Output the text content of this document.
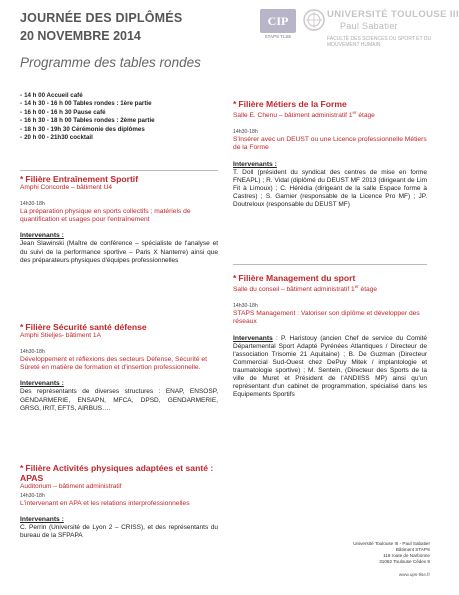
JOURNÉE DES DIPLÔMÉS
20 NOVEMBRE 2014
Programme des tables rondes
CIP
STAPS TLSE
UNIVERSITÉ TOULOUSE III
Paul Sabatier
FACULTÉ DES SCIENCES DU SPORT ET DU MOUVEMENT HUMAIN
- 14 h 00 Accueil café
- 14 h 30 - 16 h 00 Tables rondes : 1ère partie
- 16 h 00 - 16 h 30 Pause café
- 16 h 30 - 18 h 00 Tables rondes : 2ème partie
- 18 h 30 - 19h 30 Cérémonie des diplômes
- 20 h 00 - 21h30 cocktail
* Filière Entraînement Sportif
Amphi Concorde – bâtiment U4
14h30-18h
La préparation physique en sports collectifs ; matériels de quantification et usages pour l'entraînement
Intervenants :
Jean Slawinski (Maître de conférence – spécialiste de l'analyse et du suivi de la performance sportive – Paris X Nanterre) ainsi que des préparateurs physiques d'équipes professionnelles
* Filière Sécurité santé défense
Amphi Stieljes- bâtiment 1A
14h30-18h
Développement et réflexions des secteurs Défense, Sécurité et Sûreté en matière de formation et d'insertion professionnelle.
Intervenants :
Des représentants de diverses structures : ENAP, ENSOSP, GENDARMERIE, ENSAPN, MFCA, DPSD, GENDARMERIE, GRSG, IRIT, EFTS, AIRBUS….
* Filière Activités physiques adaptées et santé : APAS
Auditorium – bâtiment administratif
14h30-18h
L'intervenant en APA et les relations interprofessionnelles
Intervenants :
C. Perrin (Université de Lyon 2 – CRISS), et des représentants du bureau de la SFPAPA
* Filière Métiers de la Forme
Salle E. Chenu – bâtiment administratif 1er étage
14h30-18h
S'insérer avec un DEUST ou une Licence professionnelle Métiers de la Forme
Intervenants :
T. Doll (président du syndicat des centres de mise en forme FNEAPL) ; R. Vidal (diplômé du DEUST MF 2013 (dirigeant de Lim Fit à Limoux) ; C. Hérédia (dirigeant de la salle Espace forme à Castres) ; S. Garnier (responsable de la Licence Pro MF) ; JP. Doutreloux (responsable du DEUST MF)
* Filière Management du sport
Salle du conseil – bâtiment administratif 1er étage
14h30-18h
STAPS Management : Valoriser son diplôme et développer des réseaux
Intervenants : P. Haristouy (ancien Chef de service du Comité Départemental Sport Adapté Pyrénées Atlantiques / Directeur de l'association Trisomie 21 Aquitaine) ; B. De Guzman (Directeur Commercial Sud-Ouest chez DePuy Mitek / implantologie et traumatologie sportive) ; M. Sentein, (Directeur des Sports de la ville de Muret et Président de l'ANDIISS MP) ainsi qu'un représentant d'un cabinet de programmation, spécialisé dans les Equipements Sportifs
Université Toulouse III - Paul Sabatier
Bâtiment STAPS
118 route de Narbonne
31062 Toulouse Cédex 9
www.ups-tlse.fr
